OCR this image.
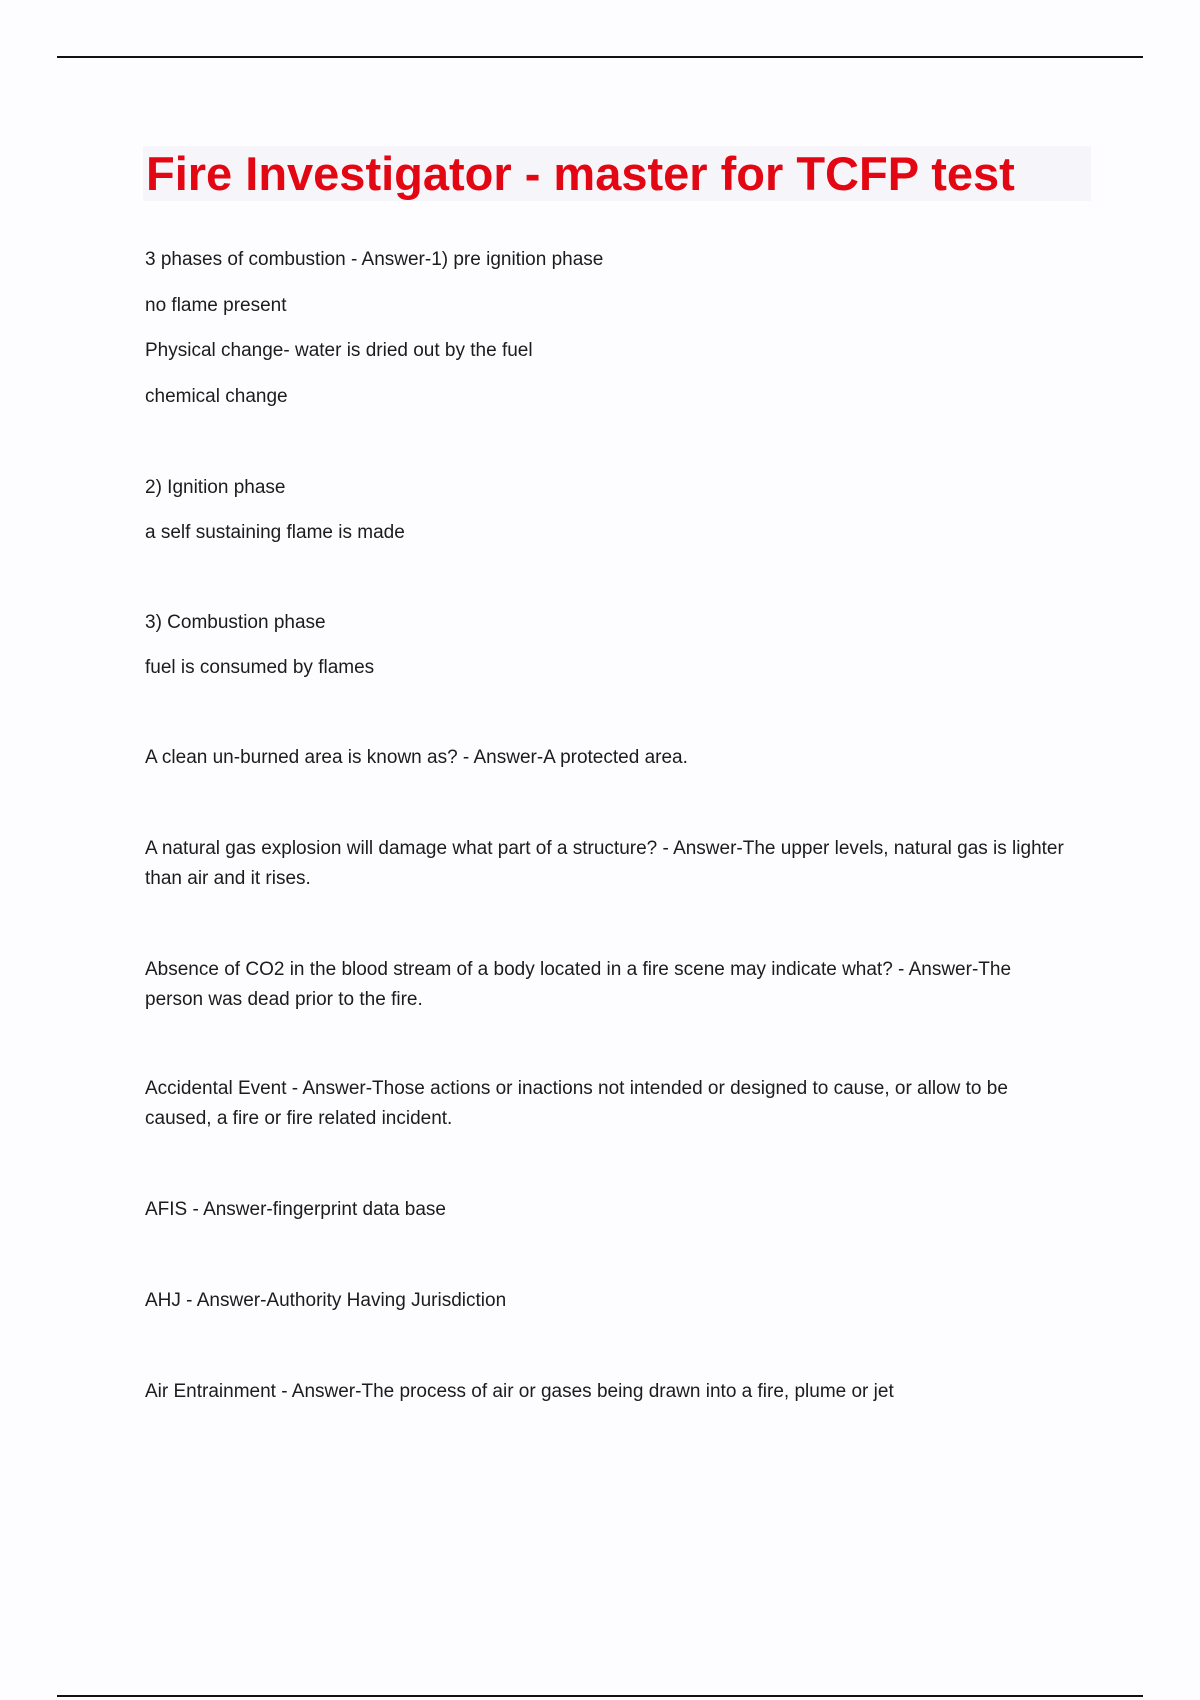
Fire Investigator - master for TCFP test

3 phases of combustion - Answer-1) pre ignition phase

no flame present

Physical change- water is dried out by the fuel

chemical change

2) Ignition phase

a self sustaining flame is made

3) Combustion phase

fuel is consumed by flames

A clean un-burned area is known as? - Answer-A protected area.

A natural gas explosion will damage what part of a structure? - Answer-The upper levels, natural gas is lighter than air and it rises.

Absence of CO2 in the blood stream of a body located in a fire scene may indicate what? - Answer-The person was dead prior to the fire.

Accidental Event - Answer-Those actions or inactions not intended or designed to cause, or allow to be caused, a fire or fire related incident.

AFIS - Answer-fingerprint data base

AHJ - Answer-Authority Having Jurisdiction

Air Entrainment - Answer-The process of air or gases being drawn into a fire, plume or jet
